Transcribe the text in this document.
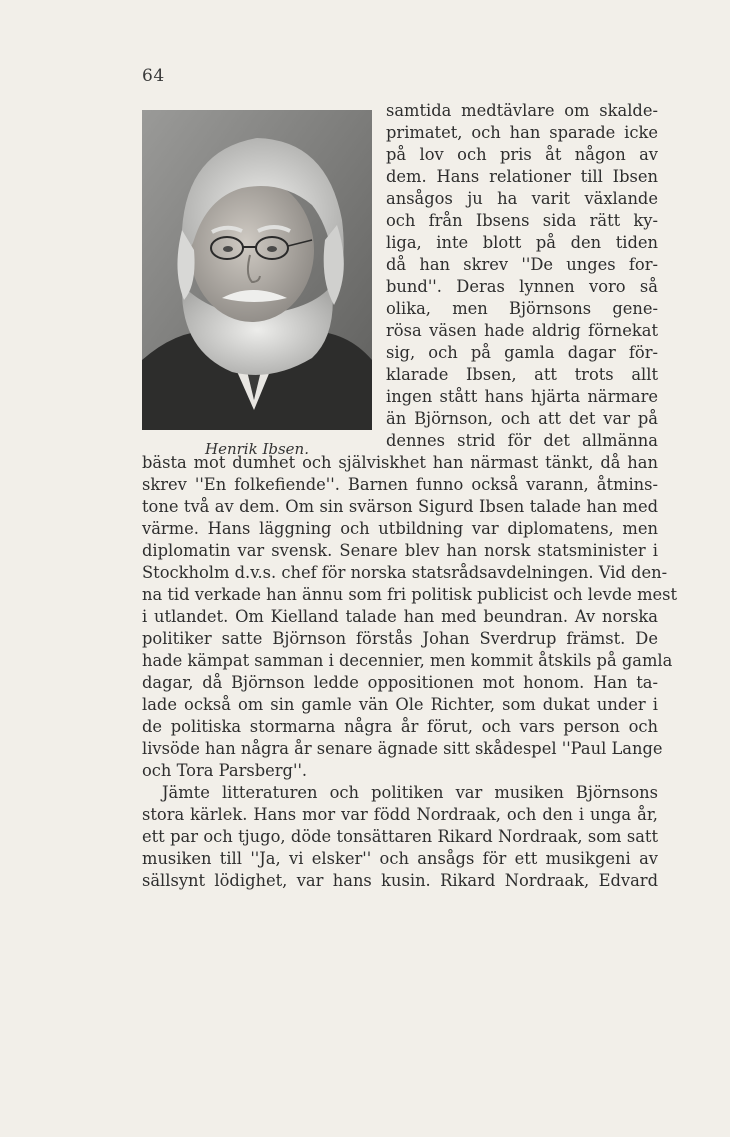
64
Henrik Ibsen.
samtida medtävlare om skalde-
primatet, och han sparade icke
på lov och pris åt någon av
dem. Hans relationer till Ibsen
ansågos ju ha varit växlande
och från Ibsens sida rätt ky-
liga, inte blott på den tiden
då han skrev ''De unges for-
bund''. Deras lynnen voro så
olika, men Björnsons gene-
rösa väsen hade aldrig förnekat
sig, och på gamla dagar för-
klarade Ibsen, att trots allt
ingen stått hans hjärta närmare
än Björnson, och att det var på
dennes strid för det allmänna
bästa mot dumhet och själviskhet han närmast tänkt, då han
skrev ''En folkefiende''. Barnen funno också varann, åtmins-
tone två av dem. Om sin svärson Sigurd Ibsen talade han med
värme. Hans läggning och utbildning var diplomatens, men
diplomatin var svensk. Senare blev han norsk statsminister i
Stockholm d.v.s. chef för norska statsrådsavdelningen. Vid den-
na tid verkade han ännu som fri politisk publicist och levde mest
i utlandet. Om Kielland talade han med beundran. Av norska
politiker satte Björnson förstås Johan Sverdrup främst. De
hade kämpat samman i decennier, men kommit åtskils på gamla
dagar, då Björnson ledde oppositionen mot honom. Han ta-
lade också om sin gamle vän Ole Richter, som dukat under i
de politiska stormarna några år förut, och vars person och
livsöde han några år senare ägnade sitt skådespel ''Paul Lange
och Tora Parsberg''.
Jämte litteraturen och politiken var musiken Björnsons
stora kärlek. Hans mor var född Nordraak, och den i unga år,
ett par och tjugo, döde tonsättaren Rikard Nordraak, som satt
musiken till ''Ja, vi elsker'' och ansågs för ett musikgeni av
sällsynt lödighet, var hans kusin. Rikard Nordraak, Edvard
